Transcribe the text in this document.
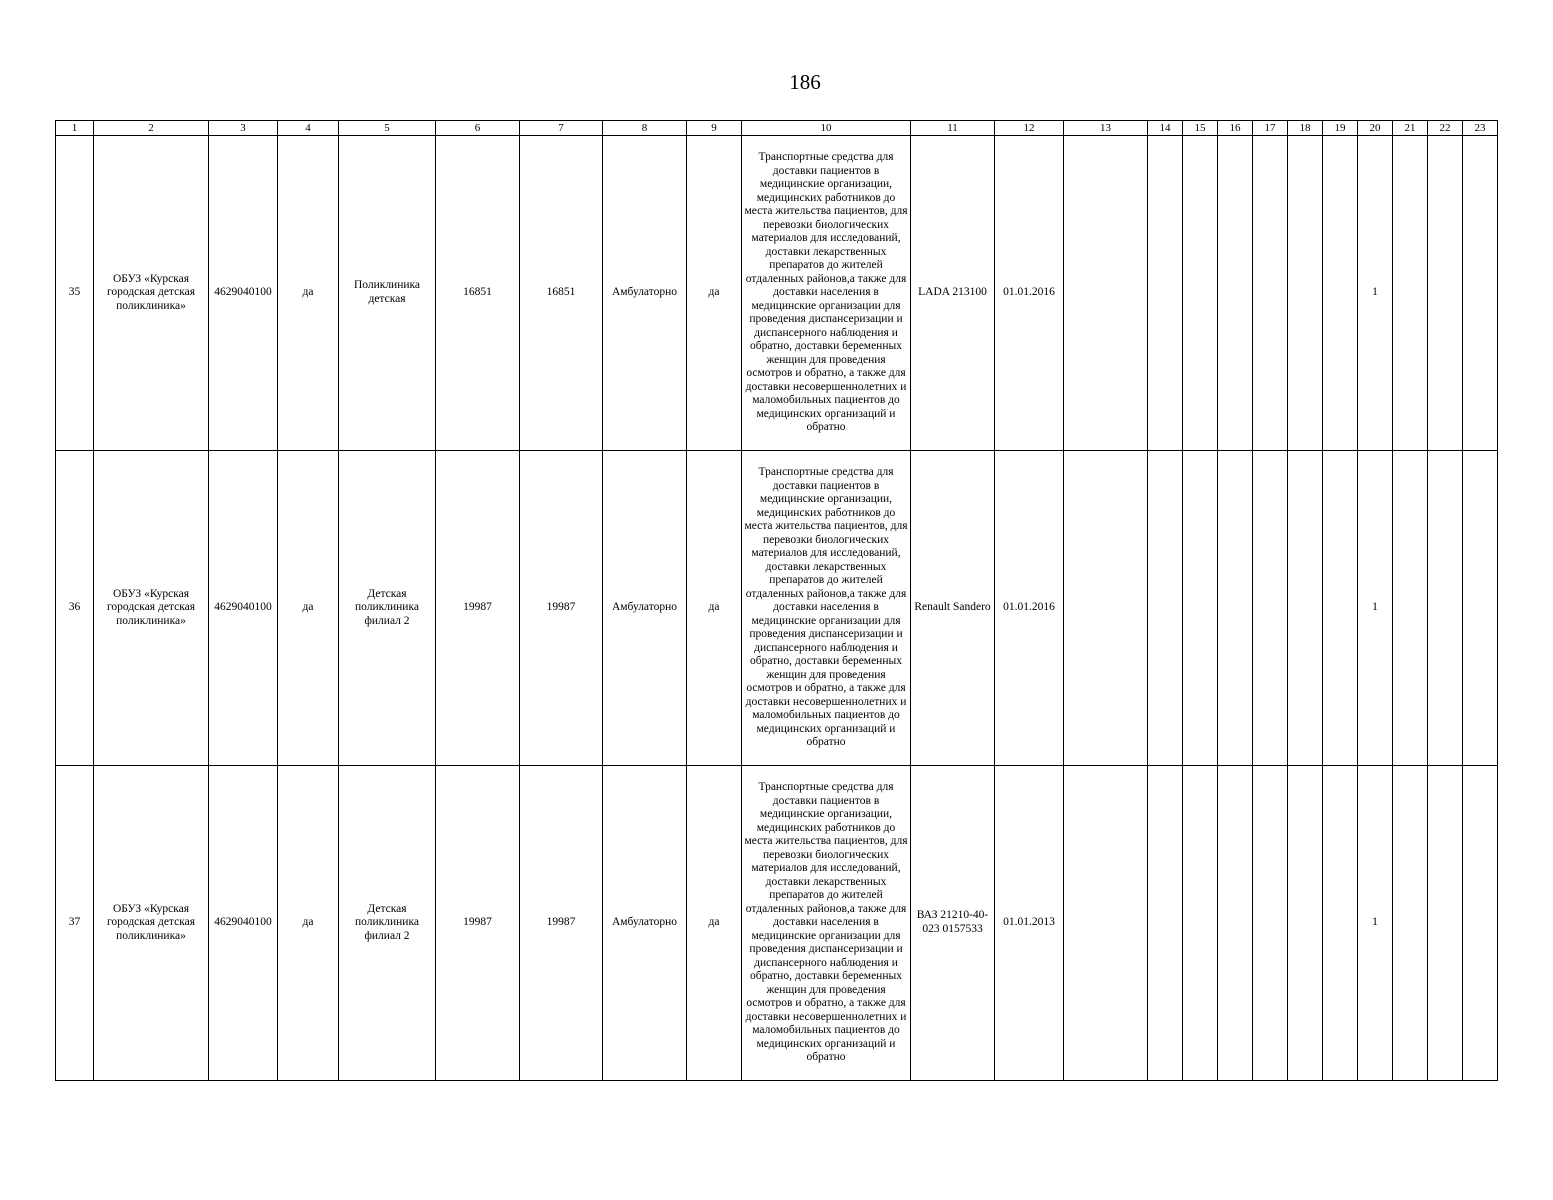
186
1	2	3	4	5	6	7	8	9	10	11	12	13	14	15	16	17	18	19	20	21	22	23
35	ОБУЗ «Курская городская детская поликлиника»	4629040100	да	Поликлиника детская	16851	16851	Амбулаторно	да	Транспортные средства для доставки пациентов в медицинские организации, медицинских работников до места жительства пациентов, для перевозки биологических материалов для исследований, доставки лекарственных препаратов до жителей отдаленных районов,а также для доставки населения в медицинские организации для проведения диспансеризации и диспансерного наблюдения и обратно, доставки беременных женщин для проведения осмотров и обратно, а также для доставки несовершеннолетних и маломобильных пациентов до медицинских организаций и обратно	LADA 213100	01.01.2016								1			
36	ОБУЗ «Курская городская детская поликлиника»	4629040100	да	Детская поликлиника филиал 2	19987	19987	Амбулаторно	да	Транспортные средства для доставки пациентов в медицинские организации, медицинских работников до места жительства пациентов, для перевозки биологических материалов для исследований, доставки лекарственных препаратов до жителей отдаленных районов,а также для доставки населения в медицинские организации для проведения диспансеризации и диспансерного наблюдения и обратно, доставки беременных женщин для проведения осмотров и обратно, а также для доставки несовершеннолетних и маломобильных пациентов до медицинских организаций и обратно	Renault Sandero	01.01.2016								1			
37	ОБУЗ «Курская городская детская поликлиника»	4629040100	да	Детская поликлиника филиал 2	19987	19987	Амбулаторно	да	Транспортные средства для доставки пациентов в медицинские организации, медицинских работников до места жительства пациентов, для перевозки биологических материалов для исследований, доставки лекарственных препаратов до жителей отдаленных районов,а также для доставки населения в медицинские организации для проведения диспансеризации и диспансерного наблюдения и обратно, доставки беременных женщин для проведения осмотров и обратно, а также для доставки несовершеннолетних и маломобильных пациентов до медицинских организаций и обратно	ВАЗ 21210-40-023 0157533	01.01.2013								1			
